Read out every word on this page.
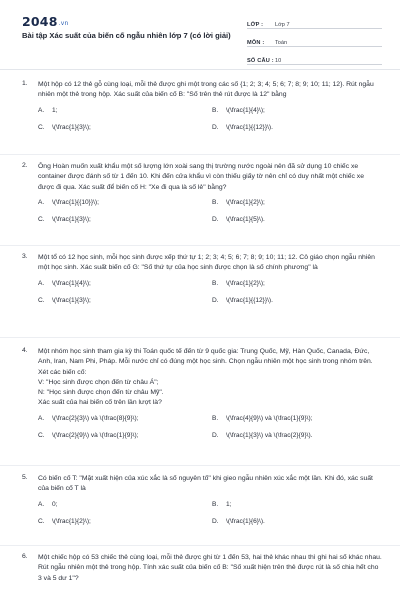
2048.vn
Bài tập Xác suất của biến cố ngẫu nhiên lớp 7 (có lời giải)
LỚP :	Lớp 7
MÔN :	Toán
SỐ CÂU : 10
1. Một hộp có 12 thẻ gỗ cùng loại, mỗi thẻ được ghi một trong các số {1; 2; 3; 4; 5; 6; 7; 8; 9; 10; 11; 12}. Rút ngẫu nhiên một thẻ trong hộp. Xác suất của biến cố B: "Số trên thẻ rút được là 12" bằng
A. 1;	B. \(\frac{1}{4}\);
C. \(\frac{1}{3}\);	D. \(\frac{1}{{12}}\).
2. Ông Hoàn muốn xuất khẩu một số lượng lớn xoài sang thị trường nước ngoài nên đã sử dụng 10 chiếc xe container được đánh số từ 1 đến 10. Khi đến cửa khẩu vì còn thiếu giấy tờ nên chỉ có duy nhất một chiếc xe được đi qua. Xác suất để biến cố H: "Xe đi qua là số lẻ" bằng?
A. \(\frac{1}{{10}}\);	B. \(\frac{1}{2}\);
C. \(\frac{1}{3}\);	D. \(\frac{1}{5}\).
3. Một tổ có 12 học sinh, mỗi học sinh được xếp thứ tự 1; 2; 3; 4; 5; 6; 7; 8; 9; 10; 11; 12. Cô giáo chọn ngẫu nhiên một học sinh. Xác suất biến cố G: "Số thứ tự của học sinh được chọn là số chính phương" là
A. \(\frac{1}{4}\);	B. \(\frac{1}{2}\);
C. \(\frac{1}{3}\);	D. \(\frac{1}{{12}}\).
4. Một nhóm học sinh tham gia kỳ thi Toán quốc tế đến từ 9 quốc gia: Trung Quốc, Mỹ, Hàn Quốc, Canada, Đức, Anh, Iran, Nam Phi, Pháp. Mỗi nước chỉ có đúng một học sinh. Chọn ngẫu nhiên một học sinh trong nhóm trên. Xét các biến cố:
V: "Học sinh được chọn đến từ châu Á";
N: "Học sinh được chọn đến từ châu Mỹ".
Xác suất của hai biến cố trên lần lượt là?
A. \(\frac{2}{3}\) và \(\frac{8}{9}\);	B. \(\frac{4}{9}\) và \(\frac{1}{9}\);
C. \(\frac{2}{9}\) và \(\frac{1}{9}\);	D. \(\frac{1}{3}\) và \(\frac{2}{9}\).
5. Có biến cố T: "Mặt xuất hiện của xúc xắc là số nguyên tố" khi gieo ngẫu nhiên xúc xắc một lần. Khi đó, xác suất của biến cố T là
A. 0;	B. 1;
C. \(\frac{1}{2}\);	D. \(\frac{1}{6}\).
6. Một chiếc hộp có 53 chiếc thẻ cùng loại, mỗi thẻ được ghi từ 1 đến 53, hai thẻ khác nhau thì ghi hai số khác nhau. Rút ngẫu nhiên một thẻ trong hộp. Tính xác suất của biến cố B: "Số xuất hiện trên thẻ được rút là số chia hết cho 3 và 5 dư 1"?
